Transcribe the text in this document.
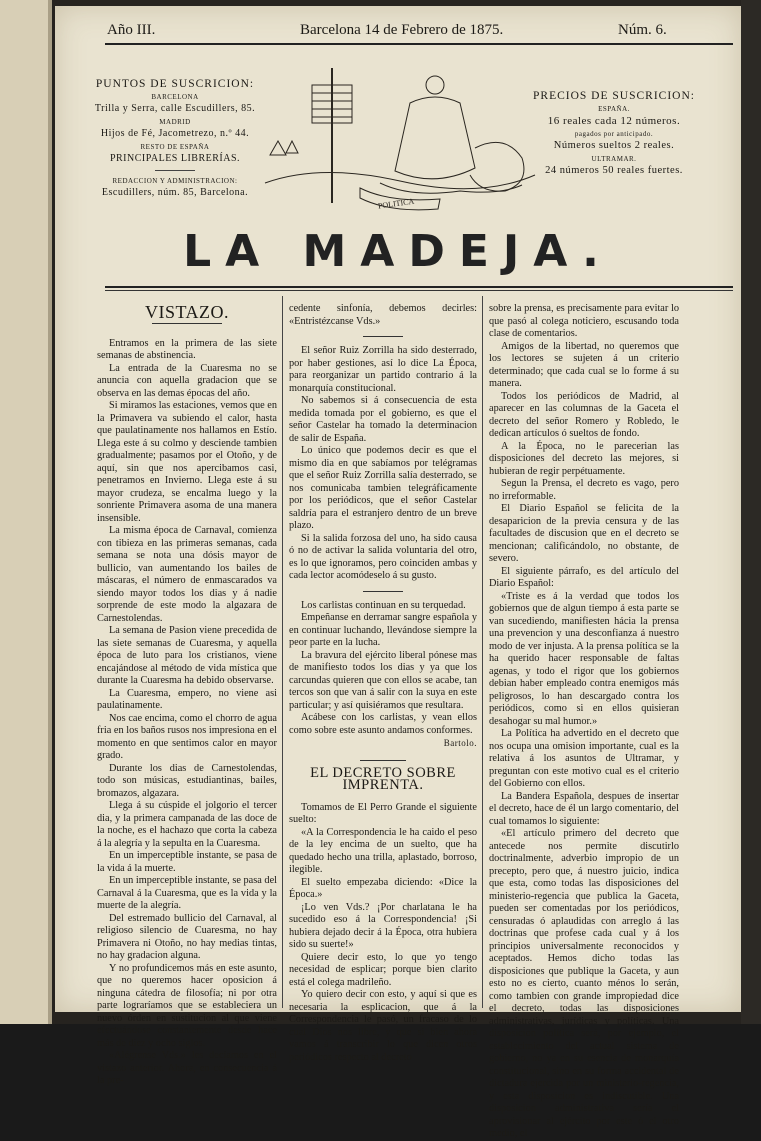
Año III.	Barcelona 14 de Febrero de 1875.	Núm. 6.
PUNTOS DE SUSCRICION:
BARCELONA
Trilla y Serra, calle Escudillers, 85.
MADRID
Hijos de Fé, Jacometrezo, n.º 44.
RESTO DE ESPAÑA
PRINCIPALES LIBRERÍAS.
REDACCION Y ADMINISTRACION:
Escudillers, núm. 85, Barcelona.
POLITICA
PRECIOS DE SUSCRICION:
ESPAÑA.
16 reales cada 12 números.
pagados por anticipado.
Números sueltos 2 reales.
ULTRAMAR.
24 números 50 reales fuertes.
LA MADEJA.
VISTAZO.

Entramos en la primera de las siete semanas de abstinencia.

La entrada de la Cuaresma no se anuncia con aquella gradacion que se observa en las demas épocas del año.

Si miramos las estaciones, vemos que en la Primavera va subiendo el calor, hasta que paulatinamente nos hallamos en Estío. Llega este á su colmo y desciende tambien gradualmente; pasamos por el Otoño, y de aquí, sin que nos apercibamos casi, penetramos en Invierno. Llega este á su mayor crudeza, se encalma luego y la sonriente Primavera asoma de una manera insensible.

La misma época de Carnaval, comienza con tibieza en las primeras semanas, cada semana se nota una dósis mayor de bullicio, van aumentando los bailes de máscaras, el número de enmascarados va siendo mayor todos los dias y á nadie sorprende de este modo la algazara de Carnestolendas.

La semana de Pasion viene precedida de las siete semanas de Cuaresma, y aquella época de luto para los cristianos, viene encajándose al método de vida mística que durante la Cuaresma ha debido observarse.

La Cuaresma, empero, no viene asi paulatinamente.

Nos cae encima, como el chorro de agua fria en los baños rusos nos impresiona en el momento en que sentimos calor en mayor grado.

Durante los dias de Carnestolendas, todo son músicas, estudiantinas, bailes, bromazos, algazara.

Llega á su cúspide el jolgorio el tercer dia, y la primera campanada de las doce de la noche, es el hachazo que corta la cabeza á la alegría y la sepulta en la Cuaresma.

En un imperceptible instante, se pasa de la vida á la muerte.

En un imperceptible instante, se pasa del Carnaval á la Cuaresma, que es la vida y la muerte de la alegría.

Del estremado bullicio del Carnaval, al religioso silencio de Cuaresma, no hay Primavera ni Otoño, no hay medias tintas, no hay gradacion alguna.

Y no profundicemos más en este asunto, que no queremos hacer oposicion á ninguna cátedra de filosofía; ni por otra parte lograríamos que se estableciera un nuevo órden en sustitucion al que viene efectuándose constantemente desde hace más de diez y ocho siglos.

«Alégrense Vds.» les decíamos en el vistazo anterior. Ahora, en consecuencia á la pre-

cedente sinfonía, debemos decirles: «Entristézcanse Vds.»

El señor Ruiz Zorrilla ha sido desterrado, por haber gestiones, así lo dice La Época, para reorganizar un partido contrario á la monarquía constitucional.

No sabemos si á consecuencia de esta medida tomada por el gobierno, es que el señor Castelar ha tomado la determinacion de salir de España.

Lo único que podemos decir es que el mismo dia en que sabíamos por telégramas que el señor Ruiz Zorrilla salía desterrado, se nos comunicaba tambien telegráficamente por los periódicos, que el señor Castelar saldría para el estranjero dentro de un breve plazo.

Si la salida forzosa del uno, ha sido causa ó no de activar la salida voluntaria del otro, es lo que ignoramos, pero coinciden ambas y cada lector acomódeselo á su gusto.

Los carlistas continuan en su terquedad.

Empeñanse en derramar sangre española y en continuar luchando, llevándose siempre la peor parte en la lucha.

La bravura del ejército liberal pónese mas de manifiesto todos los dias y ya que los carcundas quieren que con ellos se acabe, tan tercos son que van á salir con la suya en este particular; y así quisiéramos que resultara.

Acábese con los carlistas, y vean ellos como sobre este asunto andamos conformes.

Bartolo.

EL DECRETO SOBRE IMPRENTA.

Tomamos de El Perro Grande el siguiente suelto:

«A la Correspondencia le ha caido el peso de la ley encima de un suelto, que ha quedado hecho una trilla, aplastado, borroso, ilegible.

El suelto empezaba diciendo: «Dice la Época.»

¡Lo ven Vds.? ¡Por charlatana le ha sucedido eso á la Correspondencia! ¡Si hubiera dejado decir á la Época, otra hubiera sido su suerte!»

Quiere decir esto, lo que yo tengo necesidad de esplicar; porque bien clarito está el colega madrileño.

Yo quiero decir con esto, y aquí si que es necesaria la esplicacion, que á la Correspondencia le pasó, un fracaso de lo cual Dios nos libre, y que si bien ahora vamos á transcribir lo que dicen otros periódicos respecto al decreto

sobre la prensa, es precisamente para evitar lo que pasó al colega noticiero, escusando toda clase de comentarios.

Amigos de la libertad, no queremos que los lectores se sujeten á un criterio determinado; que cada cual se lo forme á su manera.

Todos los periódicos de Madrid, al aparecer en las columnas de la Gaceta el decreto del señor Romero y Robledo, le dedican artículos ó sueltos de fondo.

A la Época, no le parecerian las disposiciones del decreto las mejores, si hubieran de regir perpétuamente.

Segun la Prensa, el decreto es vago, pero no irreformable.

El Diario Español se felicita de la desaparicion de la previa censura y de las facultades de discusion que en el decreto se mencionan; calificándolo, no obstante, de severo.

El siguiente párrafo, es del artículo del Diario Español:

«Triste es á la verdad que todos los gobiernos que de algun tiempo á esta parte se van sucediendo, manifiesten hácia la prensa una prevencion y una desconfianza á nuestro modo de ver injusta. A la prensa política se la ha querido hacer responsable de faltas agenas, y todo el rigor que los gobiernos debian haber empleado contra enemigos más peligrosos, lo han descargado contra los periódicos, como si en ellos quisieran desahogar su mal humor.»

La Política ha advertido en el decreto que nos ocupa una omision importante, cual es la relativa á los asuntos de Ultramar, y preguntan con este motivo cual es el criterio del Gobierno con ellos.

La Bandera Española, despues de insertar el decreto, hace de él un largo comentario, del cual tomamos lo siguiente:

«El artículo primero del decreto que antecede nos permite discutirlo doctrinalmente, adverbio impropio de un precepto, pero que, á nuestro juicio, indica que esta, como todas las disposiciones del ministerio-regencia que publica la Gaceta, pueden ser comentadas por los periódicos, censuradas ó aplaudidas con arreglo á las doctrinas que profese cada cual y á los principios universalmente reconocidos y aceptados. Hemos dicho todas las disposiciones que publique la Gaceta, y aun esto no es cierto, cuanto ménos lo serán, como tambien con grande impropiedad dice el decreto, todas las disposiciones administrativas, jurídicas y políticas. Una disposicion política será, por ejemplo, el establecimiento del actual sistema de gobierno, no ya en su esencia de monarquía constitucional, sino en su forma accidental de dictadura ejercida por un ministerio-regencia, y esta disposicion es indiscutible. Una disposicion administrativa sería el aprovisionar al ejército por este ó el otro medio, el
